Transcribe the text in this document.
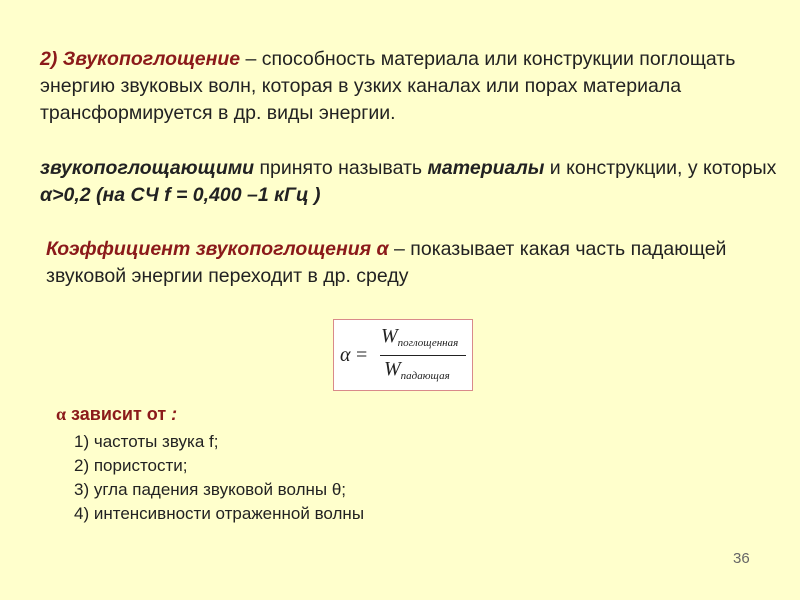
2) Звукопоглощение – способность материала или конструкции поглощать энергию звуковых волн, которая в узких каналах или порах материала трансформируется в др. виды энергии.
звукопоглощающими принято называть материалы и конструкции, у которых α>0,2 (на СЧ f = 0,400 –1 кГц )
Коэффициент звукопоглощения α – показывает какая часть падающей звуковой энергии переходит в др. среду
α =
$W_{поглощенная}$
$W_{падающая}$
α зависит от :
1) частоты звука f;
2) пористости;
3) угла падения звуковой волны θ;
4) интенсивности отраженной волны
36
